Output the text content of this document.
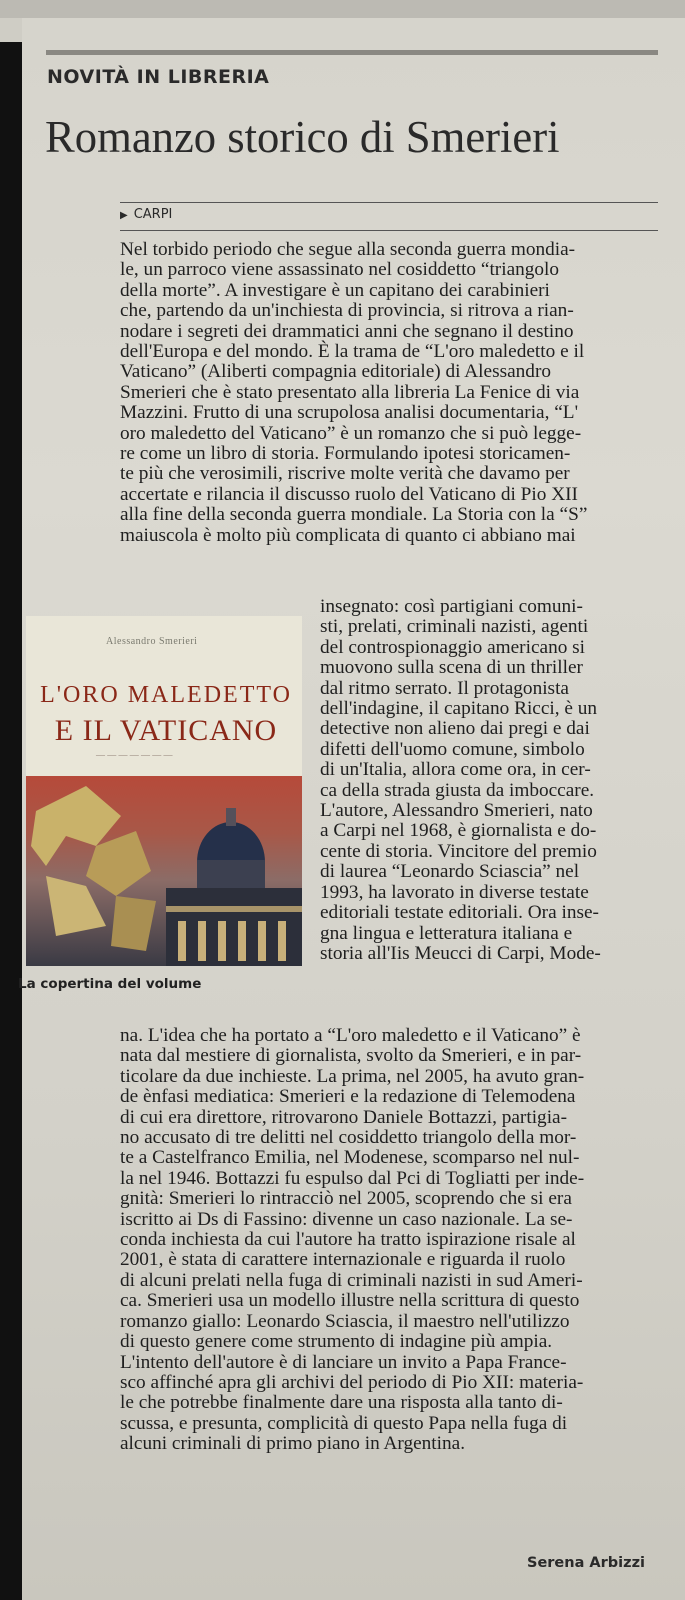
NOVITÀ IN LIBRERIA
Romanzo storico di Smerieri
▶ CARPI
Nel torbido periodo che segue alla seconda guerra mondia-
le, un parroco viene assassinato nel cosiddetto “triangolo
della morte”. A investigare è un capitano dei carabinieri
che, partendo da un'inchiesta di provincia, si ritrova a rian-
nodare i segreti dei drammatici anni che segnano il destino
dell'Europa e del mondo. È la trama de “L'oro maledetto e il
Vaticano” (Aliberti compagnia editoriale) di Alessandro
Smerieri che è stato presentato alla libreria La Fenice di via
Mazzini. Frutto di una scrupolosa analisi documentaria, “L'
oro maledetto del Vaticano” è un romanzo che si può legge-
re come un libro di storia. Formulando ipotesi storicamen-
te più che verosimili, riscrive molte verità che davamo per
accertate e rilancia il discusso ruolo del Vaticano di Pio XII
alla fine della seconda guerra mondiale. La Storia con la “S”
maiuscola è molto più complicata di quanto ci abbiano mai
Alessandro Smerieri
L'ORO MALEDETTO
E IL VATICANO
— — — — — — —
La copertina del volume
insegnato: così partigiani comuni-
sti, prelati, criminali nazisti, agenti
del controspionaggio americano si
muovono sulla scena di un thriller
dal ritmo serrato. Il protagonista
dell'indagine, il capitano Ricci, è un
detective non alieno dai pregi e dai
difetti dell'uomo comune, simbolo
di un'Italia, allora come ora, in cer-
ca della strada giusta da imboccare.
L'autore, Alessandro Smerieri, nato
a Carpi nel 1968, è giornalista e do-
cente di storia. Vincitore del premio
di laurea “Leonardo Sciascia” nel
1993, ha lavorato in diverse testate
editoriali testate editoriali. Ora inse-
gna lingua e letteratura italiana e
storia all'Iis Meucci di Carpi, Mode-
na. L'idea che ha portato a “L'oro maledetto e il Vaticano” è
nata dal mestiere di giornalista, svolto da Smerieri, e in par-
ticolare da due inchieste. La prima, nel 2005, ha avuto gran-
de ènfasi mediatica: Smerieri e la redazione di Telemodena
di cui era direttore, ritrovarono Daniele Bottazzi, partigia-
no accusato di tre delitti nel cosiddetto triangolo della mor-
te a Castelfranco Emilia, nel Modenese, scomparso nel nul-
la nel 1946. Bottazzi fu espulso dal Pci di Togliatti per inde-
gnità: Smerieri lo rintracciò nel 2005, scoprendo che si era
iscritto ai Ds di Fassino: divenne un caso nazionale. La se-
conda inchiesta da cui l'autore ha tratto ispirazione risale al
2001, è stata di carattere internazionale e riguarda il ruolo
di alcuni prelati nella fuga di criminali nazisti in sud Ameri-
ca. Smerieri usa un modello illustre nella scrittura di questo
romanzo giallo: Leonardo Sciascia, il maestro nell'utilizzo
di questo genere come strumento di indagine più ampia.
L'intento dell'autore è di lanciare un invito a Papa France-
sco affinché apra gli archivi del periodo di Pio XII: materia-
le che potrebbe finalmente dare una risposta alla tanto di-
scussa, e presunta, complicità di questo Papa nella fuga di
alcuni criminali di primo piano in Argentina.
Serena Arbizzi
